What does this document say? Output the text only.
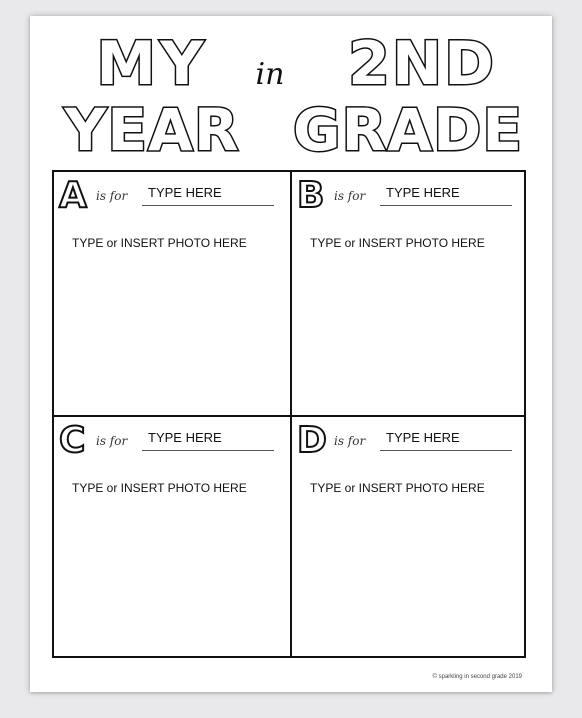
MY in 2ND
YEAR GRADE
A is for	TYPE HERE
TYPE or INSERT PHOTO HERE
B is for	TYPE HERE
TYPE or INSERT PHOTO HERE
C is for	TYPE HERE
TYPE or INSERT PHOTO HERE
D is for	TYPE HERE
TYPE or INSERT PHOTO HERE
© sparkling in second grade 2019
